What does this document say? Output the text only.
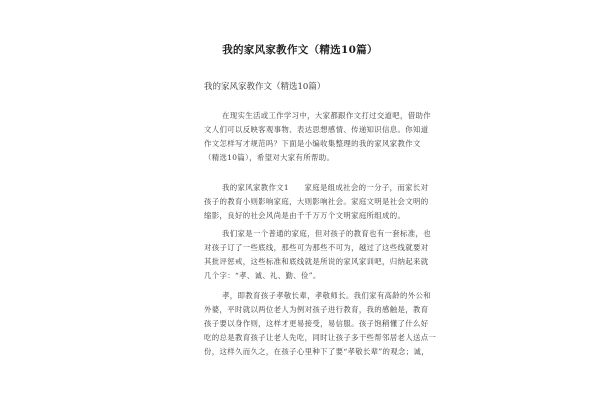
我的家风家教作文（精选10篇）
我的家风家教作文（精选10篇）
在现实生活或工作学习中，大家都跟作文打过交道吧，借助作
文人们可以反映客观事物、表达思想感情、传递知识信息。你知道
作文怎样写才规范吗？下面是小编收集整理的我的家风家教作文
（精选10篇），希望对大家有所帮助。
我的家风家教作文1　　家庭是组成社会的一分子，而家长对
孩子的教育小则影响家庭，大则影响社会。家庭文明是社会文明的
缩影，良好的社会风尚是由千千万万个文明家庭所组成的。
我们家是一个普通的家庭，但对孩子的教育也有一套标准，也
对孩子订了一些底线，那些可为那些不可为，越过了这些线就要对
其批评惩戒，这些标准和底线就是所说的家风家训吧，归纳起来就
几个字：“孝、诚、礼、勤、俭”。
孝，即教育孩子孝敬长辈，孝敬师长。我们家有高龄的外公和
外婆，平时就以两位老人为例对孩子进行教育，我的感触是，教育
孩子要以身作则，这样才更易接受，易信服。孩子饱稍懂了什么好
吃的总是教育孩子让老人先吃，同时让孩子多干些帮邻居老人送点一
份，这样久而久之，在孩子心里种下了要“孝敬长辈”的观念；诚，
